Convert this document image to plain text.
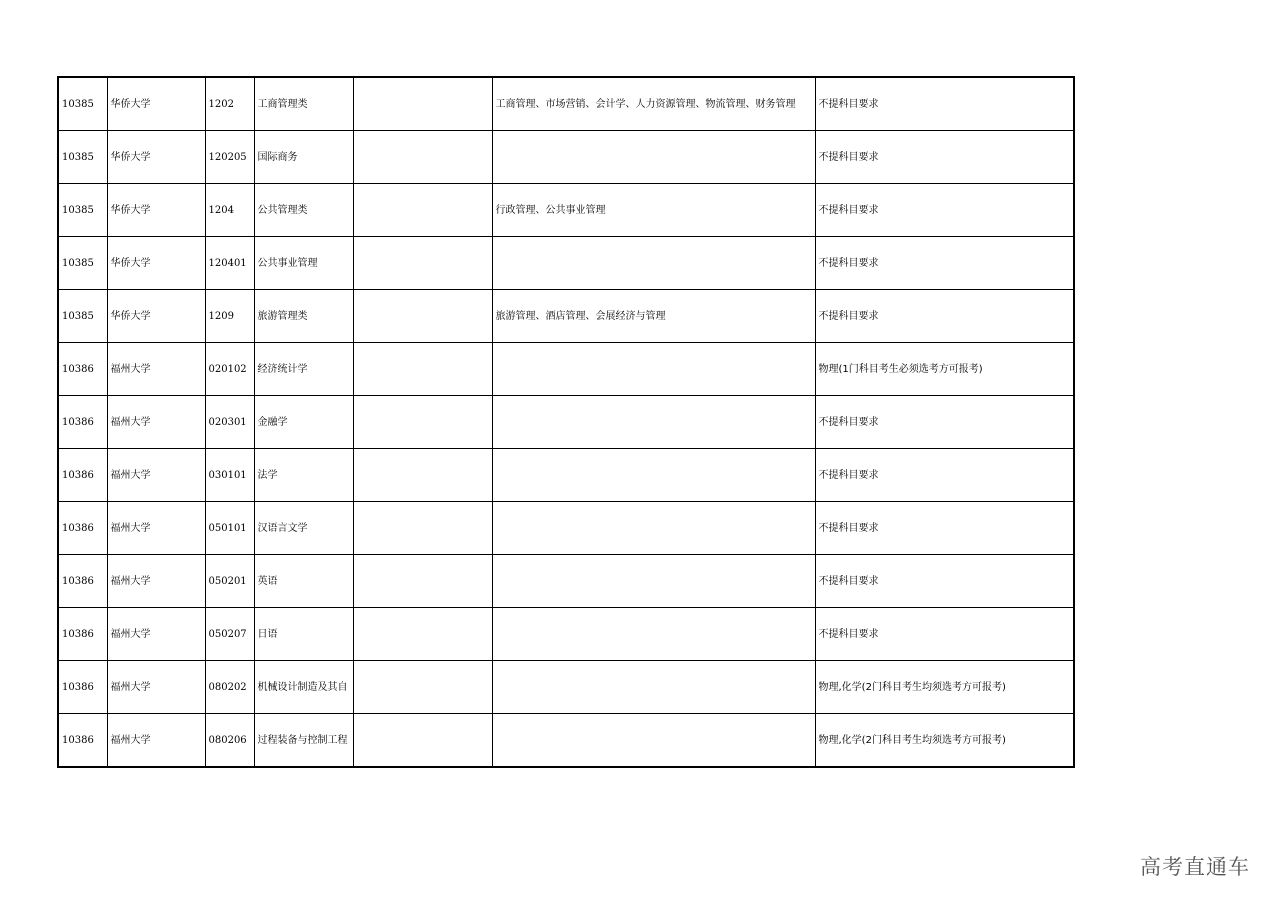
10385	华侨大学	1202	工商管理类		工商管理、市场营销、会计学、人力资源管理、物流管理、财务管理	不提科目要求
10385	华侨大学	120205	国际商务			不提科目要求
10385	华侨大学	1204	公共管理类		行政管理、公共事业管理	不提科目要求
10385	华侨大学	120401	公共事业管理			不提科目要求
10385	华侨大学	1209	旅游管理类		旅游管理、酒店管理、会展经济与管理	不提科目要求
10386	福州大学	020102	经济统计学			物理(1门科目考生必须选考方可报考)
10386	福州大学	020301	金融学			不提科目要求
10386	福州大学	030101	法学			不提科目要求
10386	福州大学	050101	汉语言文学			不提科目要求
10386	福州大学	050201	英语			不提科目要求
10386	福州大学	050207	日语			不提科目要求
10386	福州大学	080202	机械设计制造及其自			物理,化学(2门科目考生均须选考方可报考)
10386	福州大学	080206	过程装备与控制工程			物理,化学(2门科目考生均须选考方可报考)
高考直通车
